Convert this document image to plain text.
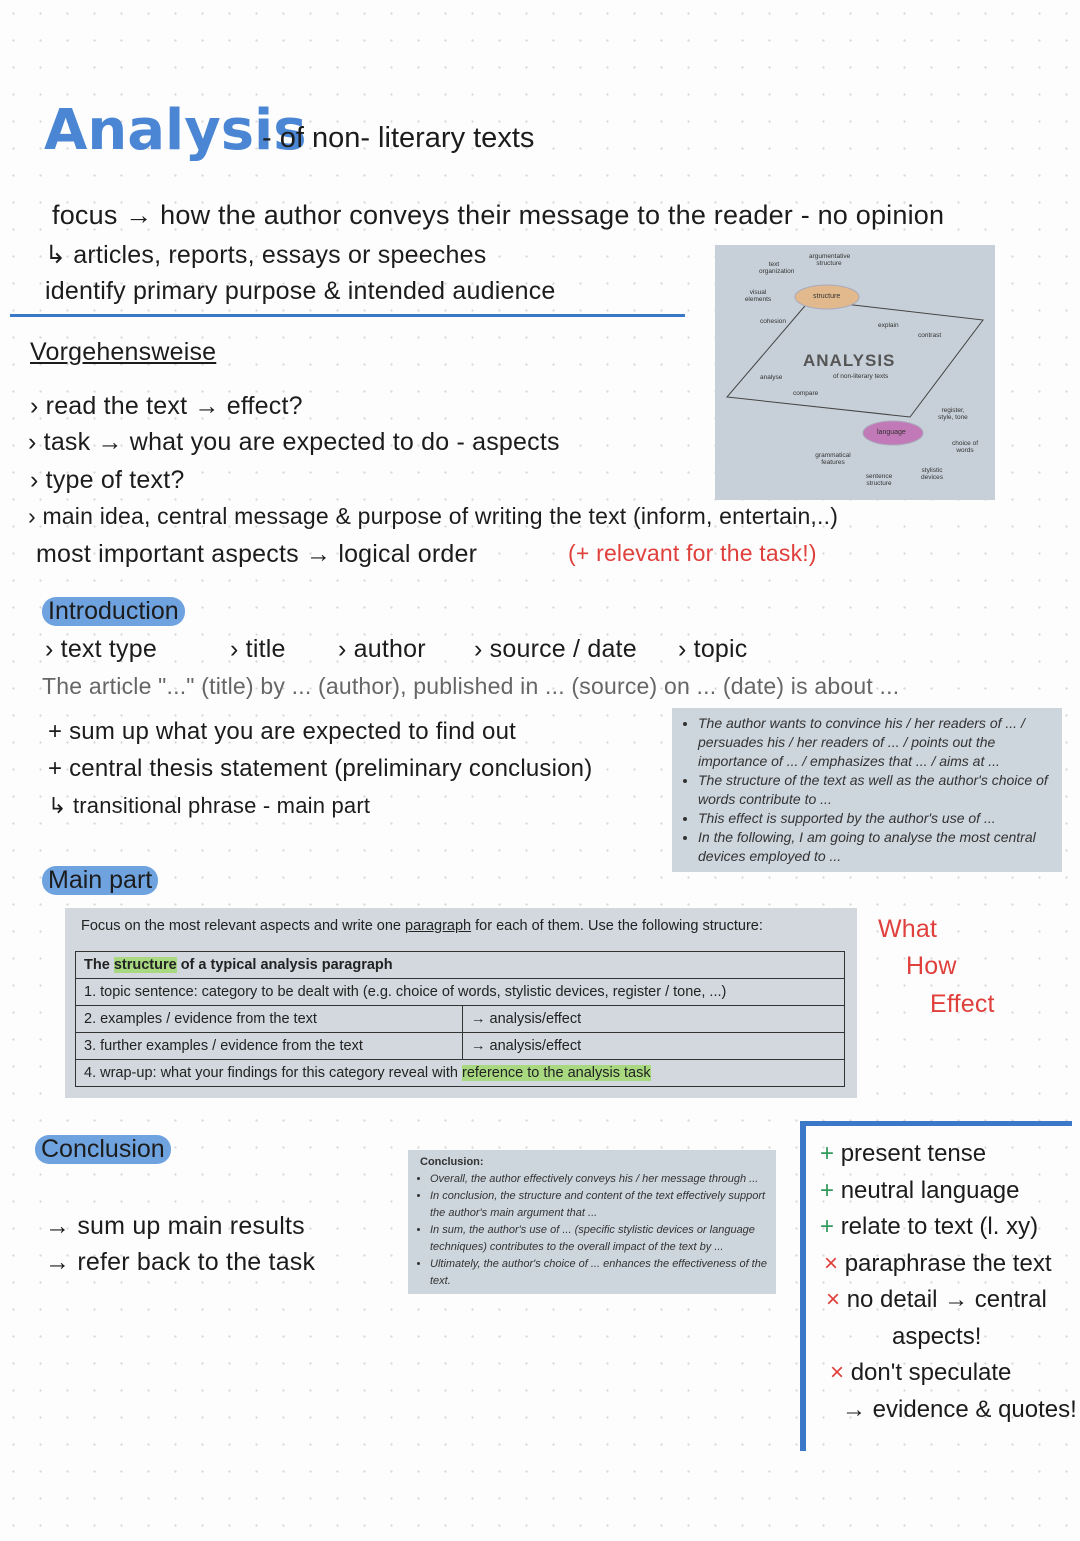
Analysis
- of non- literary texts
focus → how the author conveys their message to the reader - no opinion
↳ articles, reports, essays or speeches
identify primary purpose & intended audience
Vorgehensweise
› read the text → effect?
› task → what you are expected to do - aspects
› type of text?
› main idea, central message & purpose of writing the text (inform, entertain,..)
most important aspects → logical order	(+ relevant for the task!)
structure
language
ANALYSIS
of non-literary texts
text organization
argumentative structure
visual elements
cohesion
explain
contrast
analyse
compare
register, style, tone
choice of words
grammatical features
sentence structure
stylistic devices
Introduction
› text type	› title › author › source / date › topic
The article "..." (title) by ... (author), published in ... (source) on ... (date) is about ...
+ sum up what you are expected to find out
+ central thesis statement (preliminary conclusion)
↳ transitional phrase - main part
• The author wants to convince his / her readers of ... / persuades his / her readers of ... / points out the importance of ... / emphasizes that ... / aims at ...
• The structure of the text as well as the author's choice of words contribute to ...
• This effect is supported by the author's use of ...
• In the following, I am going to analyse the most central devices employed to ...
Main part
Focus on the most relevant aspects and write one paragraph for each of them. Use the following structure:
The structure of a typical analysis paragraph	
1. topic sentence: category to be dealt with (e.g. choice of words, stylistic devices, register / tone, ...)	
2. examples / evidence from the text	→ analysis/effect
3. further examples / evidence from the text	→ analysis/effect
4. wrap-up: what your findings for this category reveal with reference to the analysis task	
What
How
Effect
Conclusion
→ sum up main results
→ refer back to the task
Conclusion:
• Overall, the author effectively conveys his / her message through ...
• In conclusion, the structure and content of the text effectively support the author's main argument that ...
• In sum, the author's use of ... (specific stylistic devices or language techniques) contributes to the overall impact of the text by ...
• Ultimately, the author's choice of ... enhances the effectiveness of the text.
+ present tense
+ neutral language
+ relate to text (l. xy)
× paraphrase the text
× no detail → central
aspects!
× don't speculate
→ evidence & quotes!
